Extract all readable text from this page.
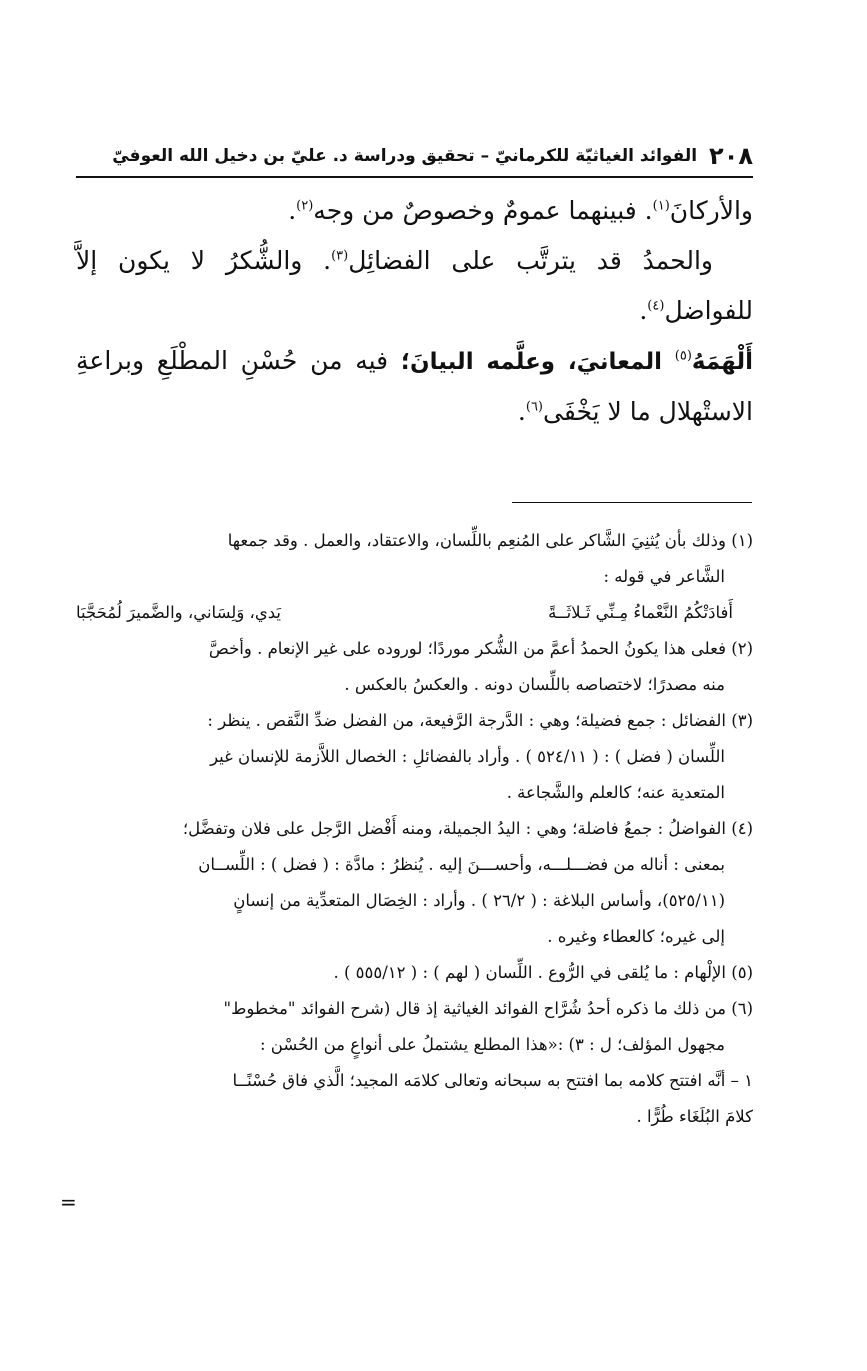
٢٠٨
الفوائد الغياثيّة للكرمانيّ – تحقيق ودراسة د. عليّ بن دخيل الله العوفيّ

والأركانَ$^{(١)}$. فبينهما عمومٌ وخصوصٌ من وجه$^{(٢)}$.

والحمدُ قد يترتَّب على الفضائِل$^{(٣)}$. والشُّكرُ لا يكون إلاَّ للفواضل$^{(٤)}$.

أَلْهَمَهُ$^{(٥)}$ المعانيَ، وعلَّمه البيانَ؛ فيه من حُسْنِ المطْلَعِ وبراعةِ الاستْهلال ما لا يَخْفَى$^{(٦)}$.

(١) وذلك بأن يُثنِيَ الشَّاكر على المُنعِم باللِّسان، والاعتقاد، والعمل . وقد جمعها

الشَّاعر في قوله :

أَفادَتْكُمُ النَّعْماءُ مِـنِّي ثَـلاثَــةً
يَدي، وَلِسَاني، والضَّميرَ لُمُحَجَّبَا

(٢) فعلى هذا يكونُ الحمدُ أعمَّ من الشُّكر موردًا؛ لوروده على غير الإنعام . وأخصَّ

منه مصدرًا؛ لاختصاصه باللِّسان دونه . والعكسُ بالعكس .

(٣) الفضائل : جمع فضيلة؛ وهي : الدَّرجة الرَّفيعة، من الفضل ضدِّ النَّقص . ينظر :

اللِّسان ( فضل ) : ( ٥٢٤/١١ ) . وأراد بالفضائلِ : الخصال اللاَّزمة للإنسان غير

المتعدية عنه؛ كالعلم والشَّجاعة .

(٤) الفواضلُ : جمعُ فاضلة؛ وهي : اليدُ الجميلة، ومنه أَفْضل الرَّجل على فلان وتفضَّل؛

بمعنى : أناله من فضـــلـــه، وأحســـنَ إليه . يُنظرُ : مادَّة : ( فضل ) : اللِّســان

(٥٢٥/١١)، وأساس البلاغة : ( ٢٦/٢ ) . وأراد : الخِصَال المتعدِّية من إنسانٍ

إلى غيره؛ كالعطاء وغيره .

(٥) الإلْهام : ما يُلقى في الرُّوع . اللِّسان ( لهم ) : ( ٥٥٥/١٢ ) .

(٦) من ذلك ما ذكره أحدُ شُرَّاح الفوائد الغياثية إذ قال (شرح الفوائد "مخطوط"

مجهول المؤلف؛ ل : ٣) :«هذا المطلع يشتملُ على أنواعٍ من الحُسْن :

١ – أنَّه افتتح كلامه بما افتتح به سبحانه وتعالى كلامَه المجيد؛ الَّذي فاق حُسْنًــا

كلامَ البُلَغَاء طُرًّا .

=
